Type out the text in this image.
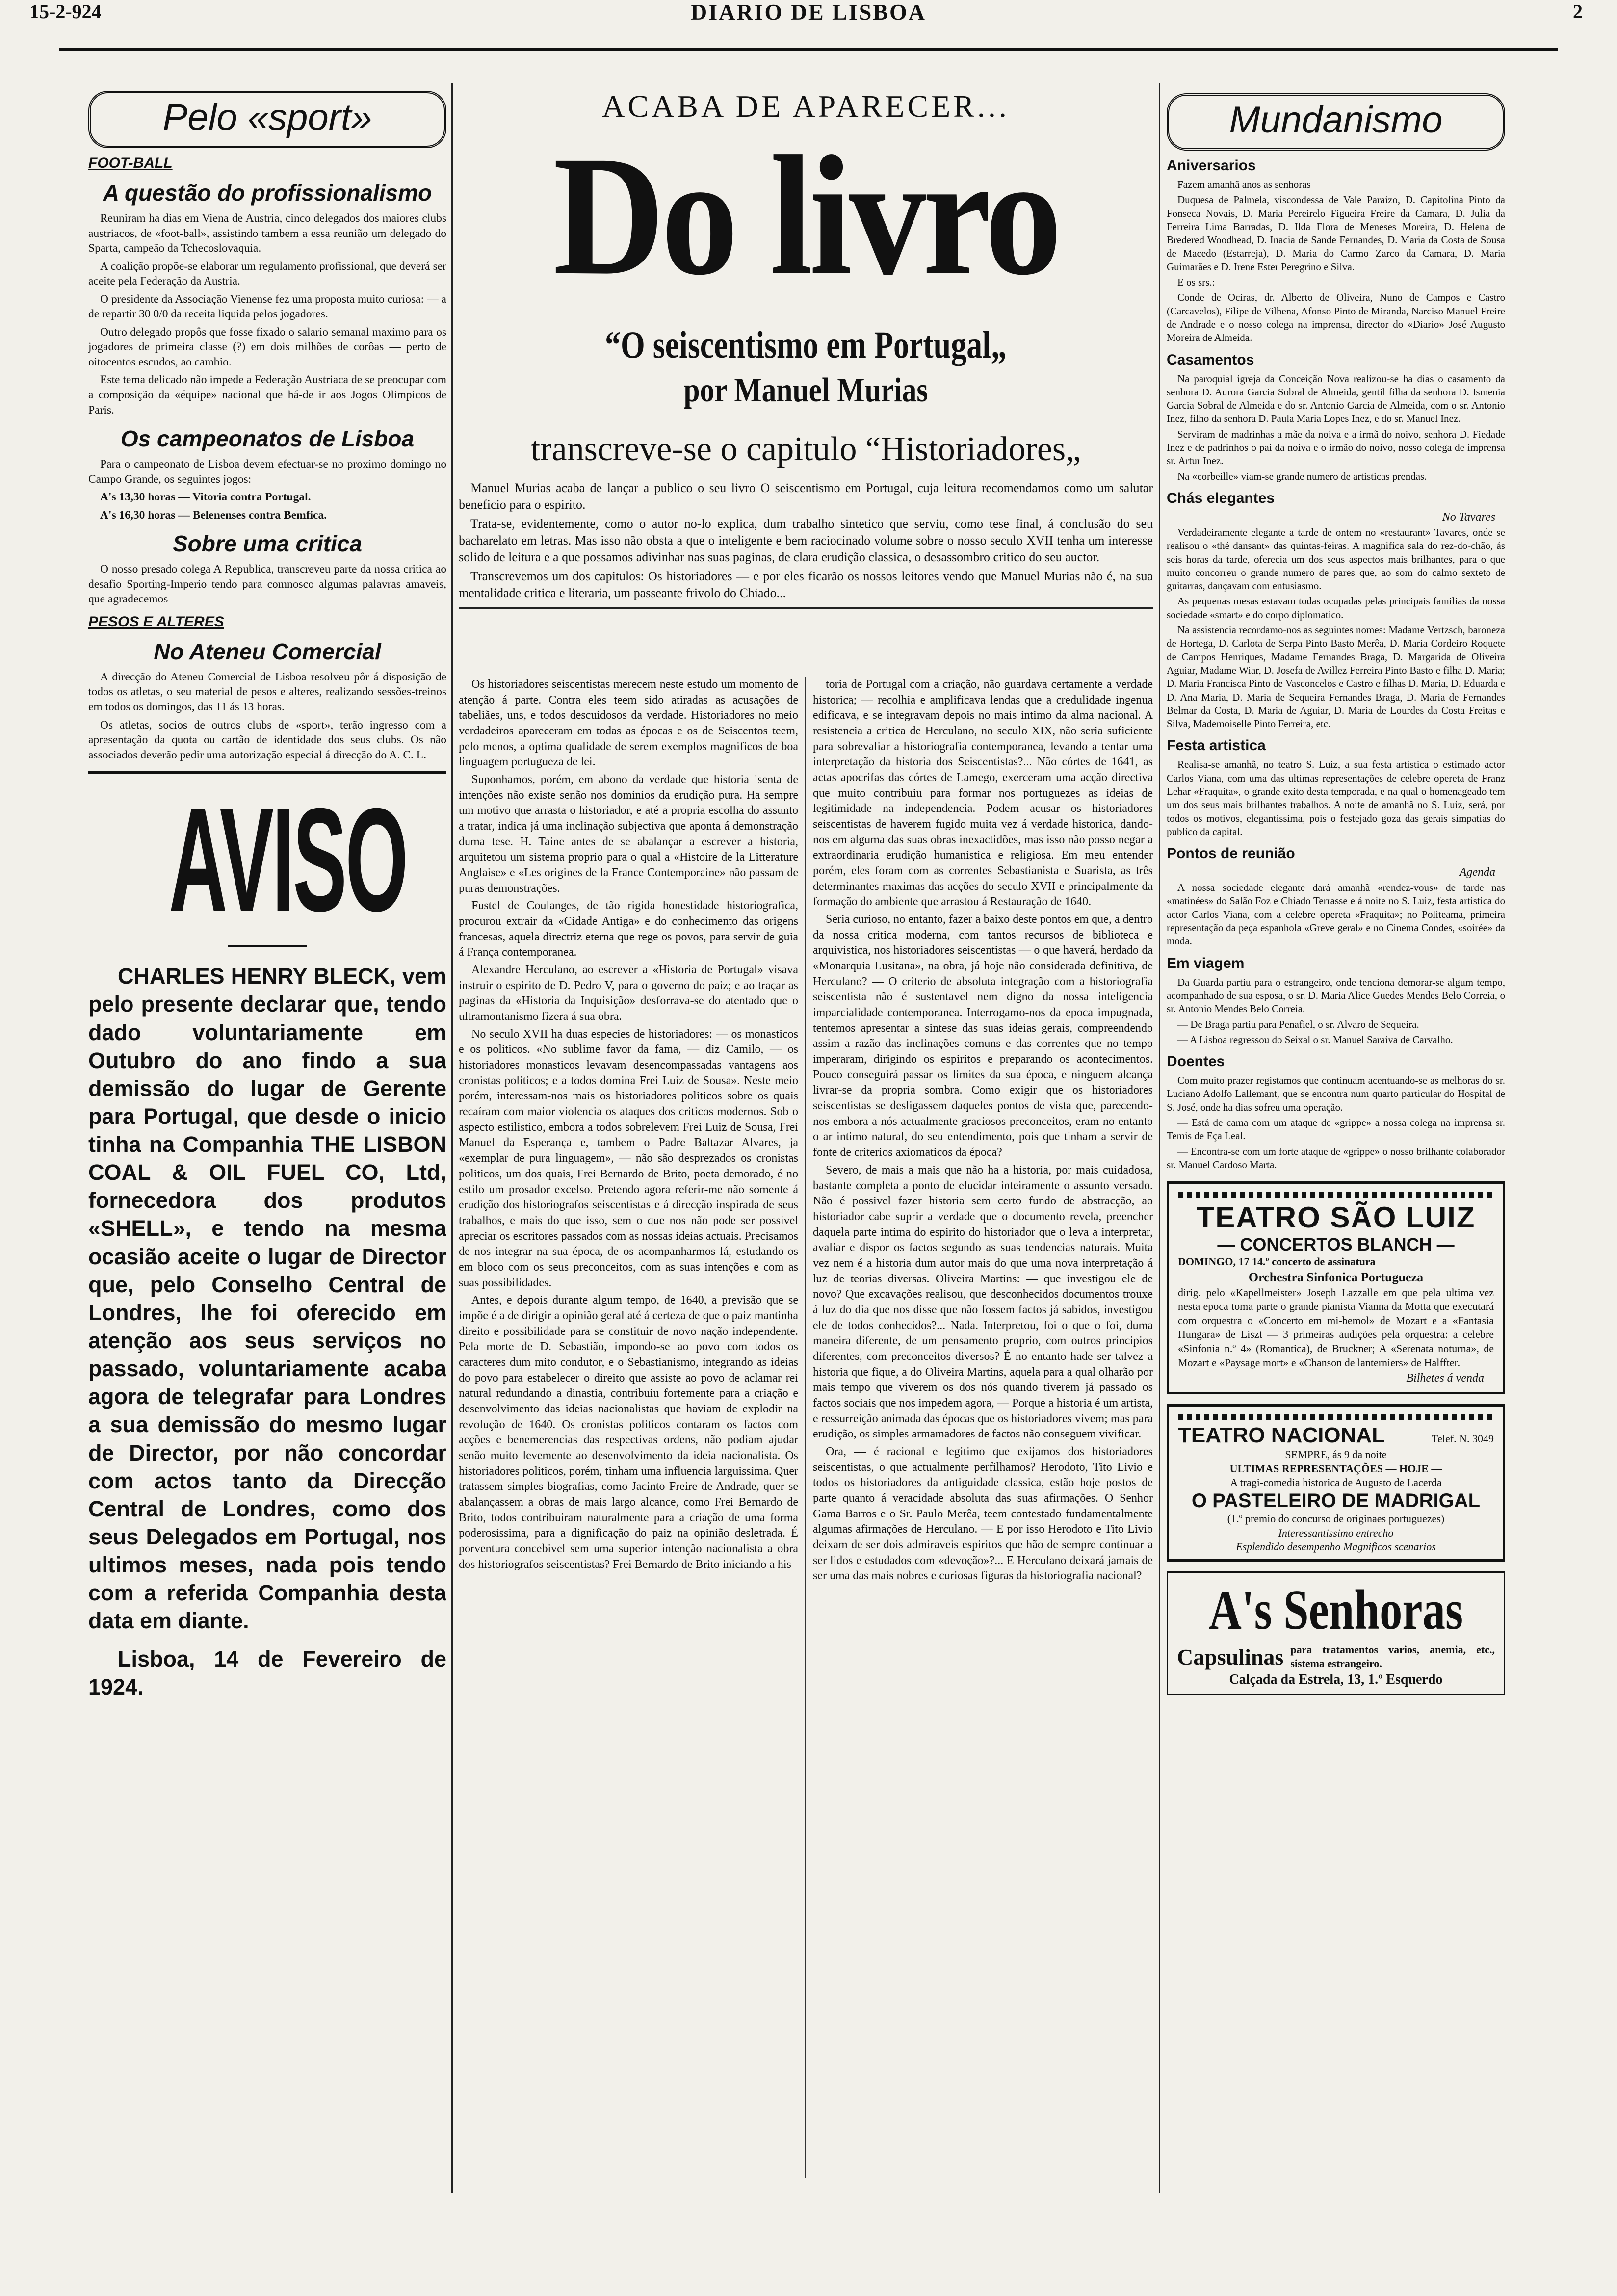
15-2-924	DIARIO DE LISBOA	2
Pelo «sport»
FOOT-BALL
A questão do profissionalismo

Reuniram ha dias em Viena de Austria, cinco delegados dos maiores clubs austriacos, de «foot-ball», assistindo tambem a essa reunião um delegado do Sparta, campeão da Tchecoslovaquia.

A coalição propõe-se elaborar um regulamento profissional, que deverá ser aceite pela Federação da Austria.

O presidente da Associação Vienense fez uma proposta muito curiosa: — a de repartir 30 0/0 da receita liquida pelos jogadores.

Outro delegado propôs que fosse fixado o salario semanal maximo para os jogadores de primeira classe (?) em dois milhões de corôas — perto de oitocentos escudos, ao cambio.

Este tema delicado não impede a Federação Austriaca de se preocupar com a composição da «équipe» nacional que há-de ir aos Jogos Olimpicos de Paris.

Os campeonatos de Lisboa

Para o campeonato de Lisboa devem efectuar-se no proximo domingo no Campo Grande, os seguintes jogos:

A's 13,30 horas — Vitoria contra Portugal.

A's 16,30 horas — Belenenses contra Bemfica.

Sobre uma critica

O nosso presado colega A Republica, transcreveu parte da nossa critica ao desafio Sporting-Imperio tendo para comnosco algumas palavras amaveis, que agradecemos

PESOS E ALTERES
No Ateneu Comercial

A direcção do Ateneu Comercial de Lisboa resolveu pôr á disposição de todos os atletas, o seu material de pesos e alteres, realizando sessões-treinos em todos os domingos, das 11 ás 13 horas.

Os atletas, socios de outros clubs de «sport», terão ingresso com a apresentação da quota ou cartão de identidade dos seus clubs. Os não associados deverão pedir uma autorização especial á direcção do A. C. L.

AVISO

CHARLES HENRY BLECK, vem pelo presente declarar que, tendo dado voluntariamente em Outubro do ano findo a sua demissão do lugar de Gerente para Portugal, que desde o inicio tinha na Companhia THE LISBON COAL & OIL FUEL CO, Ltd, fornecedora dos produtos «SHELL», e tendo na mesma ocasião aceite o lugar de Director que, pelo Conselho Central de Londres, lhe foi oferecido em atenção aos seus serviços no passado, voluntariamente acaba agora de telegrafar para Londres a sua demissão do mesmo lugar de Director, por não concordar com actos tanto da Direcção Central de Londres, como dos seus Delegados em Portugal, nos ultimos meses, nada pois tendo com a referida Companhia desta data em diante.

Lisboa, 14 de Fevereiro de 1924.

ACABA DE APARECER...
Do livro
“O seiscentismo em Portugal„
por Manuel Murias
transcreve-se o capitulo “Historiadores„

Manuel Murias acaba de lançar a publico o seu livro O seiscentismo em Portugal, cuja leitura recomendamos como um salutar beneficio para o espirito.

Trata-se, evidentemente, como o autor no-lo explica, dum trabalho sintetico que serviu, como tese final, á conclusão do seu bacharelato em letras. Mas isso não obsta a que o inteligente e bem raciocinado volume sobre o nosso seculo XVII tenha um interesse solido de leitura e a que possamos adivinhar nas suas paginas, de clara erudição classica, o desassombro critico do seu auctor.

Transcrevemos um dos capitulos: Os historiadores — e por eles ficarão os nossos leitores vendo que Manuel Murias não é, na sua mentalidade critica e literaria, um passeante frivolo do Chiado...

Os historiadores seiscentistas merecem neste estudo um momento de atenção á parte. Contra eles teem sido atiradas as acusações de tabeliães, uns, e todos descuidosos da verdade. Historiadores no meio verdadeiros apareceram em todas as épocas e os de Seiscentos teem, pelo menos, a optima qualidade de serem exemplos magnificos de boa linguagem portugueza de lei.

Suponhamos, porém, em abono da verdade que historia isenta de intenções não existe senão nos dominios da erudição pura. Ha sempre um motivo que arrasta o historiador, e até a propria escolha do assunto a tratar, indica já uma inclinação subjectiva que aponta á demonstração duma tese. H. Taine antes de se abalançar a escrever a historia, arquitetou um sistema proprio para o qual a «Histoire de la Litterature Anglaise» e «Les origines de la France Contemporaine» não passam de puras demonstrações.

Fustel de Coulanges, de tão rigida honestidade historiografica, procurou extrair da «Cidade Antiga» e do conhecimento das origens francesas, aquela directriz eterna que rege os povos, para servir de guia á França contemporanea.

Alexandre Herculano, ao escrever a «Historia de Portugal» visava instruir o espirito de D. Pedro V, para o governo do paiz; e ao traçar as paginas da «Historia da Inquisição» desforrava-se do atentado que o ultramontanismo fizera á sua obra.

No seculo XVII ha duas especies de historiadores: — os monasticos e os politicos. «No sublime favor da fama, — diz Camilo, — os historiadores monasticos levavam desencompassadas vantagens aos cronistas politicos; e a todos domina Frei Luiz de Sousa». Neste meio porém, interessam-nos mais os historiadores politicos sobre os quais recaíram com maior violencia os ataques dos criticos modernos. Sob o aspecto estilistico, embora a todos sobrelevem Frei Luiz de Sousa, Frei Manuel da Esperança e, tambem o Padre Baltazar Alvares, ja «exemplar de pura linguagem», — não são desprezados os cronistas politicos, um dos quais, Frei Bernardo de Brito, poeta demorado, é no estilo um prosador excelso. Pretendo agora referir-me não somente á erudição dos historiografos seiscentistas e á direcção inspirada de seus trabalhos, e mais do que isso, sem o que nos não pode ser possivel apreciar os escritores passados com as nossas ideias actuais. Precisamos de nos integrar na sua época, de os acompanharmos lá, estudando-os em bloco com os seus preconceitos, com as suas intenções e com as suas possibilidades.

Antes, e depois durante algum tempo, de 1640, a previsão que se impõe é a de dirigir a opinião geral até á certeza de que o paiz mantinha direito e possibilidade para se constituir de novo nação independente. Pela morte de D. Sebastião, impondo-se ao povo com todos os caracteres dum mito condutor, e o Sebastianismo, integrando as ideias do povo para estabelecer o direito que assiste ao povo de aclamar rei natural redundando a dinastia, contribuiu fortemente para a criação e desenvolvimento das ideias nacionalistas que haviam de explodir na revolução de 1640. Os cronistas politicos contaram os factos com acções e benemerencias das respectivas ordens, não podiam ajudar senão muito levemente ao desenvolvimento da ideia nacionalista. Os historiadores politicos, porém, tinham uma influencia larguissima. Quer tratassem simples biografias, como Jacinto Freire de Andrade, quer se abalançassem a obras de mais largo alcance, como Frei Bernardo de Brito, todos contribuiram naturalmente para a criação de uma forma poderosissima, para a dignificação do paiz na opinião desletrada. É porventura concebivel sem uma superior intenção nacionalista a obra dos historiografos seiscentistas? Frei Bernardo de Brito iniciando a his-

toria de Portugal com a criação, não guardava certamente a verdade historica; — recolhia e amplificava lendas que a credulidade ingenua edificava, e se integravam depois no mais intimo da alma nacional. A resistencia a critica de Herculano, no seculo XIX, não seria suficiente para sobrevaliar a historiografia contemporanea, levando a tentar uma interpretação da historia dos Seiscentistas?... Não córtes de 1641, as actas apocrifas das córtes de Lamego, exerceram uma acção directiva que muito contribuiu para formar nos portuguezes as ideias de legitimidade na independencia. Podem acusar os historiadores seiscentistas de haverem fugido muita vez á verdade historica, dando-nos em alguma das suas obras inexactidões, mas isso não posso negar a extraordinaria erudição humanistica e religiosa. Em meu entender porém, eles foram com as correntes Sebastianista e Suarista, as três determinantes maximas das acções do seculo XVII e principalmente da formação do ambiente que arrastou á Restauração de 1640.

Seria curioso, no entanto, fazer a baixo deste pontos em que, a dentro da nossa critica moderna, com tantos recursos de biblioteca e arquivistica, nos historiadores seiscentistas — o que haverá, herdado da «Monarquia Lusitana», na obra, já hoje não considerada definitiva, de Herculano? — O criterio de absoluta integração com a historiografia seiscentista não é sustentavel nem digno da nossa inteligencia imparcialidade contemporanea. Interrogamo-nos da epoca impugnada, tentemos apresentar a sintese das suas ideias gerais, compreendendo assim a razão das inclinações comuns e das correntes que no tempo imperaram, dirigindo os espiritos e preparando os acontecimentos. Pouco conseguirá passar os limites da sua época, e ninguem alcança livrar-se da propria sombra. Como exigir que os historiadores seiscentistas se desligassem daqueles pontos de vista que, parecendo-nos embora a nós actualmente graciosos preconceitos, eram no entanto o ar intimo natural, do seu entendimento, pois que tinham a servir de fonte de criterios axiomaticos da época?

Severo, de mais a mais que não ha a historia, por mais cuidadosa, bastante completa a ponto de elucidar inteiramente o assunto versado. Não é possivel fazer historia sem certo fundo de abstracção, ao historiador cabe suprir a verdade que o documento revela, preencher daquela parte intima do espirito do historiador que o leva a interpretar, avaliar e dispor os factos segundo as suas tendencias naturais. Muita vez nem é a historia dum autor mais do que uma nova interpretação á luz de teorias diversas. Oliveira Martins: — que investigou ele de novo? Que excavações realisou, que desconhecidos documentos trouxe á luz do dia que nos disse que não fossem factos já sabidos, investigou ele de todos conhecidos?... Nada. Interpretou, foi o que o foi, duma maneira diferente, de um pensamento proprio, com outros principios diferentes, com preconceitos diversos? É no entanto hade ser talvez a historia que fique, a do Oliveira Martins, aquela para a qual olharão por mais tempo que viverem os dos nós quando tiverem já passado os factos sociais que nos impedem agora, — Porque a historia é um artista, e ressurreição animada das épocas que os historiadores vivem; mas para erudição, os simples armamadores de factos não conseguem vivificar.

Ora, — é racional e legitimo que exijamos dos historiadores seiscentistas, o que actualmente perfilhamos? Herodoto, Tito Livio e todos os historiadores da antiguidade classica, estão hoje postos de parte quanto á veracidade absoluta das suas afirmações. O Senhor Gama Barros e o Sr. Paulo Merêa, teem contestado fundamentalmente algumas afirmações de Herculano. — E por isso Herodoto e Tito Livio deixam de ser dois admiraveis espiritos que hão de sempre continuar a ser lidos e estudados com «devoção»?... E Herculano deixará jamais de ser uma das mais nobres e curiosas figuras da historiografia nacional?

Mundanismo
Aniversarios

Fazem amanhã anos as senhoras

Duquesa de Palmela, viscondessa de Vale Paraizo, D. Capitolina Pinto da Fonseca Novais, D. Maria Pereirelo Figueira Freire da Camara, D. Julia da Ferreira Lima Barradas, D. Ilda Flora de Meneses Moreira, D. Helena de Bredered Woodhead, D. Inacia de Sande Fernandes, D. Maria da Costa de Sousa de Macedo (Estarreja), D. Maria do Carmo Zarco da Camara, D. Maria Guimarães e D. Irene Ester Peregrino e Silva.

E os srs.:

Conde de Ociras, dr. Alberto de Oliveira, Nuno de Campos e Castro (Carcavelos), Filipe de Vilhena, Afonso Pinto de Miranda, Narciso Manuel Freire de Andrade e o nosso colega na imprensa, director do «Diario» José Augusto Moreira de Almeida.

Casamentos

Na paroquial igreja da Conceição Nova realizou-se ha dias o casamento da senhora D. Aurora Garcia Sobral de Almeida, gentil filha da senhora D. Ismenia Garcia Sobral de Almeida e do sr. Antonio Garcia de Almeida, com o sr. Antonio Inez, filho da senhora D. Paula Maria Lopes Inez, e do sr. Manuel Inez.

Serviram de madrinhas a mãe da noiva e a irmã do noivo, senhora D. Fiedade Inez e de padrinhos o pai da noiva e o irmão do noivo, nosso colega de imprensa sr. Artur Inez.

Na «corbeille» viam-se grande numero de artisticas prendas.

Chás elegantes
No Tavares

Verdadeiramente elegante a tarde de ontem no «restaurant» Tavares, onde se realisou o «thé dansant» das quintas-feiras. A magnifica sala do rez-do-chão, ás seis horas da tarde, oferecia um dos seus aspectos mais brilhantes, para o que muito concorreu o grande numero de pares que, ao som do calmo sexteto de guitarras, dançavam com entusiasmo.

As pequenas mesas estavam todas ocupadas pelas principais familias da nossa sociedade «smart» e do corpo diplomatico.

Na assistencia recordamo-nos as seguintes nomes: Madame Vertzsch, baroneza de Hortega, D. Carlota de Serpa Pinto Basto Merêa, D. Maria Cordeiro Roquete de Campos Henriques, Madame Fernandes Braga, D. Margarida de Oliveira Aguiar, Madame Wiar, D. Josefa de Avillez Ferreira Pinto Basto e filha D. Maria; D. Maria Francisca Pinto de Vasconcelos e Castro e filhas D. Maria, D. Eduarda e D. Ana Maria, D. Maria de Sequeira Fernandes Braga, D. Maria de Fernandes Belmar da Costa, D. Maria de Aguiar, D. Maria de Lourdes da Costa Freitas e Silva, Mademoiselle Pinto Ferreira, etc.

Festa artistica

Realisa-se amanhã, no teatro S. Luiz, a sua festa artistica o estimado actor Carlos Viana, com uma das ultimas representações de celebre opereta de Franz Lehar «Fraquita», o grande exito desta temporada, e na qual o homenageado tem um dos seus mais brilhantes trabalhos. A noite de amanhã no S. Luiz, será, por todos os motivos, elegantissima, pois o festejado goza das gerais simpatias do publico da capital.

Pontos de reunião
Agenda

A nossa sociedade elegante dará amanhã «rendez-vous» de tarde nas «matinées» do Salão Foz e Chiado Terrasse e á noite no S. Luiz, festa artistica do actor Carlos Viana, com a celebre opereta «Fraquita»; no Politeama, primeira representação da peça espanhola «Greve geral» e no Cinema Condes, «soirée» da moda.

Em viagem

Da Guarda partiu para o estrangeiro, onde tenciona demorar-se algum tempo, acompanhado de sua esposa, o sr. D. Maria Alice Guedes Mendes Belo Correia, o sr. Antonio Mendes Belo Correia.

— De Braga partiu para Penafiel, o sr. Alvaro de Sequeira.

— A Lisboa regressou do Seixal o sr. Manuel Saraiva de Carvalho.

Doentes

Com muito prazer registamos que continuam acentuando-se as melhoras do sr. Luciano Adolfo Lallemant, que se encontra num quarto particular do Hospital de S. José, onde ha dias sofreu uma operação.

— Está de cama com um ataque de «grippe» a nossa colega na imprensa sr. Temis de Eça Leal.

— Encontra-se com um forte ataque de «grippe» o nosso brilhante colaborador sr. Manuel Cardoso Marta.

TEATRO SÃO LUIZ
— CONCERTOS BLANCH —
DOMINGO, 17 14.º concerto de assinatura
Orchestra Sinfonica Portugueza
dirig. pelo «Kapellmeister» Joseph Lazzalle em que pela ultima vez nesta epoca toma parte o grande pianista Vianna da Motta que executará com orquestra o «Concerto em mi-bemol» de Mozart e a «Fantasia Hungara» de Liszt — 3 primeiras audições pela orquestra: a celebre «Sinfonia n.º 4» (Romantica), de Bruckner; A «Serenata noturna», de Mozart e «Paysage mort» e «Chanson de lanterniers» de Halffter.
Bilhetes á venda
TEATRO NACIONAL	Telef. N. 3049
SEMPRE, ás 9 da noite
ULTIMAS REPRESENTAÇÕES — HOJE —
A tragi-comedia historica de Augusto de Lacerda
O PASTELEIRO DE MADRIGAL
(1.º premio do concurso de originaes portuguezes)
Interessantissimo entrecho
Esplendido desempenho Magnificos scenarios
A's Senhoras
Capsulinas para tratamentos varios, anemia, etc., sistema estrangeiro.
Calçada da Estrela, 13, 1.º Esquerdo
